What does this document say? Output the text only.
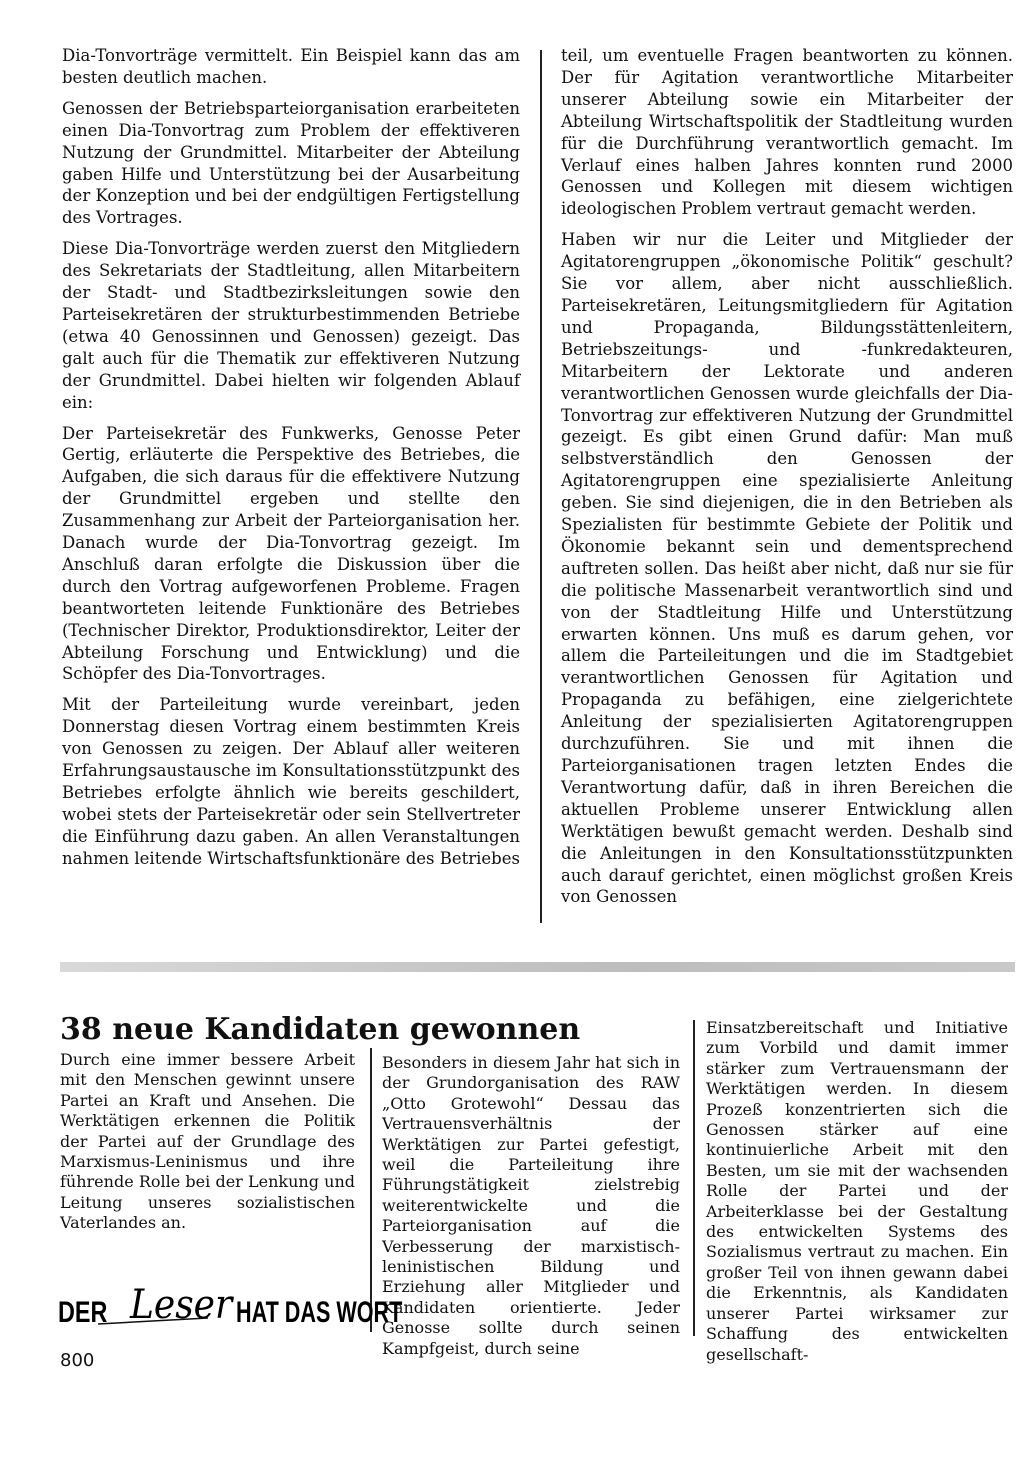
Dia-Tonvorträge vermittelt. Ein Beispiel kann das am besten deutlich machen.

Genossen der Betriebsparteiorganisation erarbeiteten einen Dia-Tonvortrag zum Problem der effektiveren Nutzung der Grundmittel. Mitarbeiter der Abteilung gaben Hilfe und Unterstützung bei der Ausarbeitung der Konzeption und bei der endgültigen Fertigstellung des Vortrages.

Diese Dia-Tonvorträge werden zuerst den Mitgliedern des Sekretariats der Stadtleitung, allen Mitarbeitern der Stadt- und Stadtbezirksleitungen sowie den Parteisekretären der strukturbestimmenden Betriebe (etwa 40 Genossinnen und Genossen) gezeigt. Das galt auch für die Thematik zur effektiveren Nutzung der Grundmittel. Dabei hielten wir folgenden Ablauf ein:

Der Parteisekretär des Funkwerks, Genosse Peter Gertig, erläuterte die Perspektive des Betriebes, die Aufgaben, die sich daraus für die effektivere Nutzung der Grundmittel ergeben und stellte den Zusammenhang zur Arbeit der Parteiorganisation her. Danach wurde der Dia-Tonvortrag gezeigt. Im Anschluß daran erfolgte die Diskussion über die durch den Vortrag aufgeworfenen Probleme. Fragen beantworteten leitende Funktionäre des Betriebes (Technischer Direktor, Produktionsdirektor, Leiter der Abteilung Forschung und Entwicklung) und die Schöpfer des Dia-Tonvortrages.

Mit der Parteileitung wurde vereinbart, jeden Donnerstag diesen Vortrag einem bestimmten Kreis von Genossen zu zeigen. Der Ablauf aller weiteren Erfahrungsaustausche im Konsultationsstützpunkt des Betriebes erfolgte ähnlich wie bereits geschildert, wobei stets der Parteisekretär oder sein Stellvertreter die Einführung dazu gaben. An allen Veranstaltungen nahmen leitende Wirtschaftsfunktionäre des Betriebes

teil, um eventuelle Fragen beantworten zu können. Der für Agitation verantwortliche Mitarbeiter unserer Abteilung sowie ein Mitarbeiter der Abteilung Wirtschaftspolitik der Stadtleitung wurden für die Durchführung verantwortlich gemacht. Im Verlauf eines halben Jahres konnten rund 2000 Genossen und Kollegen mit diesem wichtigen ideologischen Problem vertraut gemacht werden.

Haben wir nur die Leiter und Mitglieder der Agitatorengruppen „ökonomische Politik“ geschult? Sie vor allem, aber nicht ausschließlich. Parteisekretären, Leitungsmitgliedern für Agitation und Propaganda, Bildungsstättenleitern, Betriebszeitungs- und -funkredakteuren, Mitarbeitern der Lektorate und anderen verantwortlichen Genossen wurde gleichfalls der Dia-Tonvortrag zur effektiveren Nutzung der Grundmittel gezeigt. Es gibt einen Grund dafür: Man muß selbstverständlich den Genossen der Agitatorengruppen eine spezialisierte Anleitung geben. Sie sind diejenigen, die in den Betrieben als Spezialisten für bestimmte Gebiete der Politik und Ökonomie bekannt sein und dementsprechend auftreten sollen. Das heißt aber nicht, daß nur sie für die politische Massenarbeit verantwortlich sind und von der Stadtleitung Hilfe und Unterstützung erwarten können. Uns muß es darum gehen, vor allem die Parteileitungen und die im Stadtgebiet verantwortlichen Genossen für Agitation und Propaganda zu befähigen, eine zielgerichtete Anleitung der spezialisierten Agitatorengruppen durchzuführen. Sie und mit ihnen die Parteiorganisationen tragen letzten Endes die Verantwortung dafür, daß in ihren Bereichen die aktuellen Probleme unserer Entwicklung allen Werktätigen bewußt gemacht werden. Deshalb sind die Anleitungen in den Konsultationsstützpunkten auch darauf gerichtet, einen möglichst großen Kreis von Genossen

38 neue Kandidaten gewonnen

Durch eine immer bessere Arbeit mit den Menschen gewinnt unsere Partei an Kraft und Ansehen. Die Werktätigen erkennen die Politik der Partei auf der Grundlage des Marxismus-Leninismus und ihre führende Rolle bei der Lenkung und Leitung unseres sozialistischen Vaterlandes an.

Besonders in diesem Jahr hat sich in der Grundorganisation des RAW „Otto Grotewohl“ Dessau das Vertrauensverhältnis der Werktätigen zur Partei gefestigt, weil die Parteileitung ihre Führungstätigkeit zielstrebig weiterentwickelte und die Parteiorganisation auf die Verbesserung der marxistisch-leninistischen Bildung und Erziehung aller Mitglieder und Kandidaten orientierte. Jeder Genosse sollte durch seinen Kampfgeist, durch seine

Einsatzbereitschaft und Initiative zum Vorbild und damit immer stärker zum Vertrauensmann der Werktätigen werden. In diesem Prozeß konzentrierten sich die Genossen stärker auf eine kontinuierliche Arbeit mit den Besten, um sie mit der wachsenden Rolle der Partei und der Arbeiterklasse bei der Gestaltung des entwickelten Systems des Sozialismus vertraut zu machen. Ein großer Teil von ihnen gewann dabei die Erkenntnis, als Kandidaten unserer Partei wirksamer zur Schaffung des entwickelten gesellschaft-

DER Leser HAT DAS WORT
800
